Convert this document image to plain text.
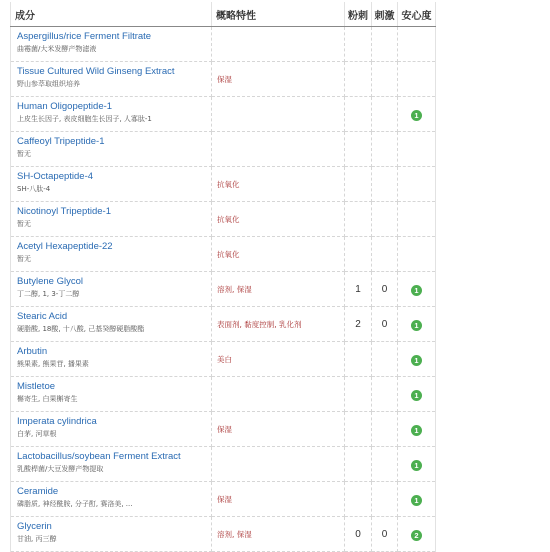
成分	概略特性	粉刺	刺激	安心度

Aspergillus/rice Ferment Filtrate
曲霉菌/大米发酵产物滤液				

Tissue Cultured Wild Ginseng Extract
野山参萃取组织培养	保湿			

Human Oligopeptide-1
上皮生长因子, 表皮细胞生长因子, 人寡肽-1				1

Caffeoyl Tripeptide-1
暂无				

SH-Octapeptide-4
SH-八肽-4	抗氧化			

Nicotinoyl Tripeptide-1
暂无	抗氧化			

Acetyl Hexapeptide-22
暂无	抗氧化			

Butylene Glycol
丁二醇, 1, 3-丁二醇	溶剂, 保湿	1	0	1

Stearic Acid
硬脂酸, 18酸, 十八酸, 己基癸醇硬脂酸酯	表面剂, 黏度控制, 乳化剂	2	0	1

Arbutin
熊果素, 熊果苷, 播果素	美白			1

Mistletoe
槲寄生, 白果槲寄生				1

Imperata cylindrica
白茅, 河草根	保湿			1

Lactobacillus/soybean Ferment Extract
乳酸桿菌/大豆发酵产物提取				1

Ceramide
磷脂质, 神经酰胺, 分子酊, 赛洛美, ...	保湿			1

Glycerin
甘油, 丙三醇	溶剂, 保湿	0	0	2
